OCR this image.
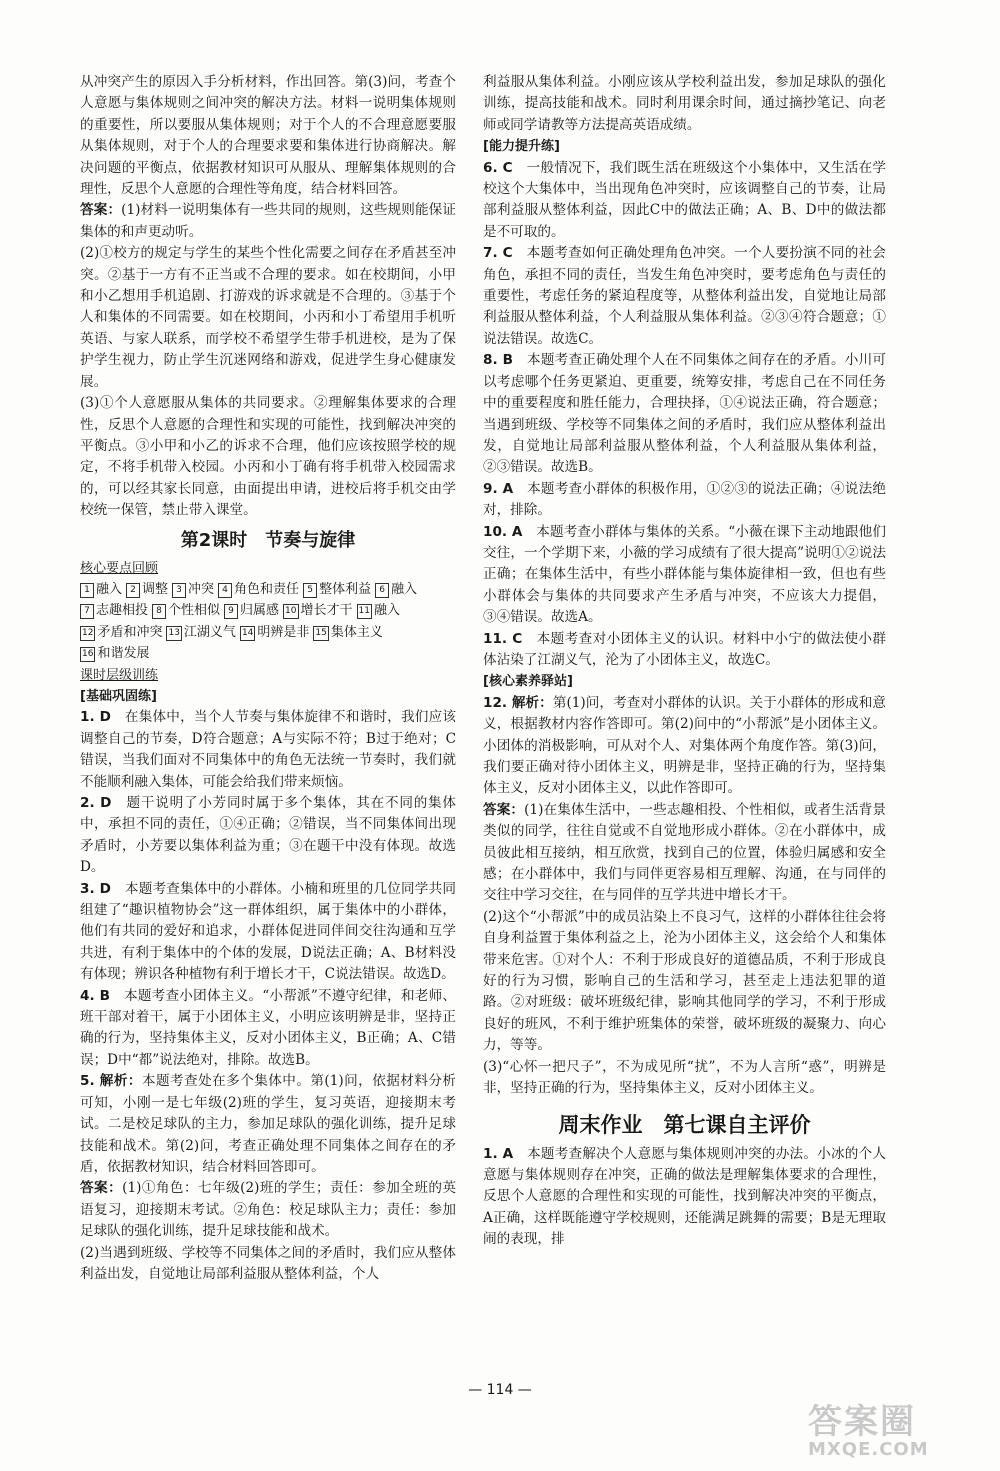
从冲突产生的原因入手分析材料，作出回答。第(3)问，考查个人意愿与集体规则之间冲突的解决方法。材料一说明集体规则的重要性，所以要服从集体规则；对于个人的不合理意愿要服从集体规则，对于个人的合理要求要和集体进行协商解决。解决问题的平衡点，依据教材知识可从服从、理解集体规则的合理性，反思个人意愿的合理性等角度，结合材料回答。

答案：(1)材料一说明集体有一些共同的规则，这些规则能保证集体的和声更动听。

(2)①校方的规定与学生的某些个性化需要之间存在矛盾甚至冲突。②基于一方有不正当或不合理的要求。如在校期间，小甲和小乙想用手机追剧、打游戏的诉求就是不合理的。③基于个人和集体的不同需要。如在校期间，小丙和小丁希望用手机听英语、与家人联系，而学校不希望学生带手机进校，是为了保护学生视力，防止学生沉迷网络和游戏，促进学生身心健康发展。

(3)①个人意愿服从集体的共同要求。②理解集体要求的合理性，反思个人意愿的合理性和实现的可能性，找到解决冲突的平衡点。③小甲和小乙的诉求不合理，他们应该按照学校的规定，不将手机带入校园。小丙和小丁确有将手机带入校园需求的，可以经其家长同意，由面提出申请，进校后将手机交由学校统一保管，禁止带入课堂。

第2课时　节奏与旋律
核心要点回顾
1 融入 2 调整 3 冲突 4 角色和责任 5 整体利益 6 融入
7 志趣相投 8 个性相似 9 归属感 10 增长才干 11 融入
12 矛盾和冲突 13 江湖义气 14 明辨是非 15 集体主义
16 和谐发展
课时层级训练
[基础巩固练]

1. D　 在集体中，当个人节奏与集体旋律不和谐时，我们应该调整自己的节奏，D符合题意；A与实际不符；B过于绝对；C错误，当我们面对不同集体中的角色无法统一节奏时，我们就不能顺利融入集体，可能会给我们带来烦恼。

2. D　 题干说明了小芳同时属于多个集体，其在不同的集体中，承担不同的责任，①④正确；②错误，当不同集体间出现矛盾时，小芳要以集体利益为重；③在题干中没有体现。故选D。

3. D　 本题考查集体中的小群体。小楠和班里的几位同学共同组建了“趣识植物协会”这一群体组织，属于集体中的小群体，他们有共同的爱好和追求，小群体促进同伴间交往沟通和互学共进，有利于集体中的个体的发展，D说法正确；A、B材料没有体现；辨识各种植物有利于增长才干，C说法错误。故选D。

4. B　 本题考查小团体主义。“小帮派”不遵守纪律，和老师、班干部对着干，属于小团体主义，小明应该明辨是非，坚持正确的行为，坚持集体主义，反对小团体主义，B正确；A、C错误；D中“都”说法绝对，排除。故选B。

5. 解析：本题考查处在多个集体中。第(1)问，依据材料分析可知，小刚一是七年级(2)班的学生，复习英语，迎接期末考试。二是校足球队的主力，参加足球队的强化训练，提升足球技能和战术。第(2)问，考查正确处理不同集体之间存在的矛盾，依据教材知识，结合材料回答即可。

答案：(1)①角色：七年级(2)班的学生；责任：参加全班的英语复习，迎接期末考试。②角色：校足球队主力；责任：参加足球队的强化训练，提升足球技能和战术。

(2)当遇到班级、学校等不同集体之间的矛盾时，我们应从整体利益出发，自觉地让局部利益服从整体利益，个人

利益服从集体利益。小刚应该从学校利益出发，参加足球队的强化训练，提高技能和战术。同时利用课余时间，通过摘抄笔记、向老师或同学请教等方法提高英语成绩。

[能力提升练]

6. C　 一般情况下，我们既生活在班级这个小集体中，又生活在学校这个大集体中，当出现角色冲突时，应该调整自己的节奏，让局部利益服从整体利益，因此C中的做法正确；A、B、D中的做法都是不可取的。

7. C　 本题考查如何正确处理角色冲突。一个人要扮演不同的社会角色，承担不同的责任，当发生角色冲突时，要考虑角色与责任的重要性，考虑任务的紧迫程度等，从整体利益出发，自觉地让局部利益服从整体利益，个人利益服从集体利益。②③④符合题意；①说法错误。故选C。

8. B　 本题考查正确处理个人在不同集体之间存在的矛盾。小川可以考虑哪个任务更紧迫、更重要，统筹安排，考虑自己在不同任务中的重要程度和胜任能力，合理抉择，①④说法正确，符合题意；当遇到班级、学校等不同集体之间的矛盾时，我们应从整体利益出发，自觉地让局部利益服从整体利益，个人利益服从集体利益，②③错误。故选B。

9. A　 本题考查小群体的积极作用，①②③的说法正确；④说法绝对，排除。

10. A　 本题考查小群体与集体的关系。“小薇在课下主动地跟他们交往，一个学期下来，小薇的学习成绩有了很大提高”说明①②说法正确；在集体生活中，有些小群体能与集体旋律相一致，但也有些小群体会与集体的共同要求产生矛盾与冲突，不应该大力提倡，③④错误。故选A。

11. C　 本题考查对小团体主义的认识。材料中小宁的做法使小群体沾染了江湖义气，沦为了小团体主义，故选C。

[核心素养驿站]

12. 解析：第(1)问，考查对小群体的认识。关于小群体的形成和意义，根据教材内容作答即可。第(2)问中的“小帮派”是小团体主义。小团体的消极影响，可从对个人、对集体两个角度作答。第(3)问，我们要正确对待小团体主义，明辨是非，坚持正确的行为，坚持集体主义，反对小团体主义，以此作答即可。

答案：(1)在集体生活中，一些志趣相投、个性相似，或者生活背景类似的同学，往往自觉或不自觉地形成小群体。②在小群体中，成员彼此相互接纳，相互欣赏，找到自己的位置，体验归属感和安全感；在小群体中，我们与同伴更容易相互理解、沟通，在与同伴的交往中学习交往，在与同伴的互学共进中增长才干。

(2)这个“小帮派”中的成员沾染上不良习气，这样的小群体往往会将自身利益置于集体利益之上，沦为小团体主义，这会给个人和集体带来危害。①对个人：不利于形成良好的道德品质，不利于形成良好的行为习惯，影响自己的生活和学习，甚至走上违法犯罪的道路。②对班级：破坏班级纪律，影响其他同学的学习，不利于形成良好的班风，不利于维护班集体的荣誉，破坏班级的凝聚力、向心力，等等。

(3)“心怀一把尺子”，不为成见所“扰”，不为人言所“惑”，明辨是非，坚持正确的行为，坚持集体主义，反对小团体主义。

周末作业　第七课自主评价

1. A　 本题考查解决个人意愿与集体规则冲突的办法。小冰的个人意愿与集体规则存在冲突，正确的做法是理解集体要求的合理性，反思个人意愿的合理性和实现的可能性，找到解决冲突的平衡点，A正确，这样既能遵守学校规则，还能满足跳舞的需要；B是无理取闹的表现，排

— 114 —
答案圈
MXQE.COM
